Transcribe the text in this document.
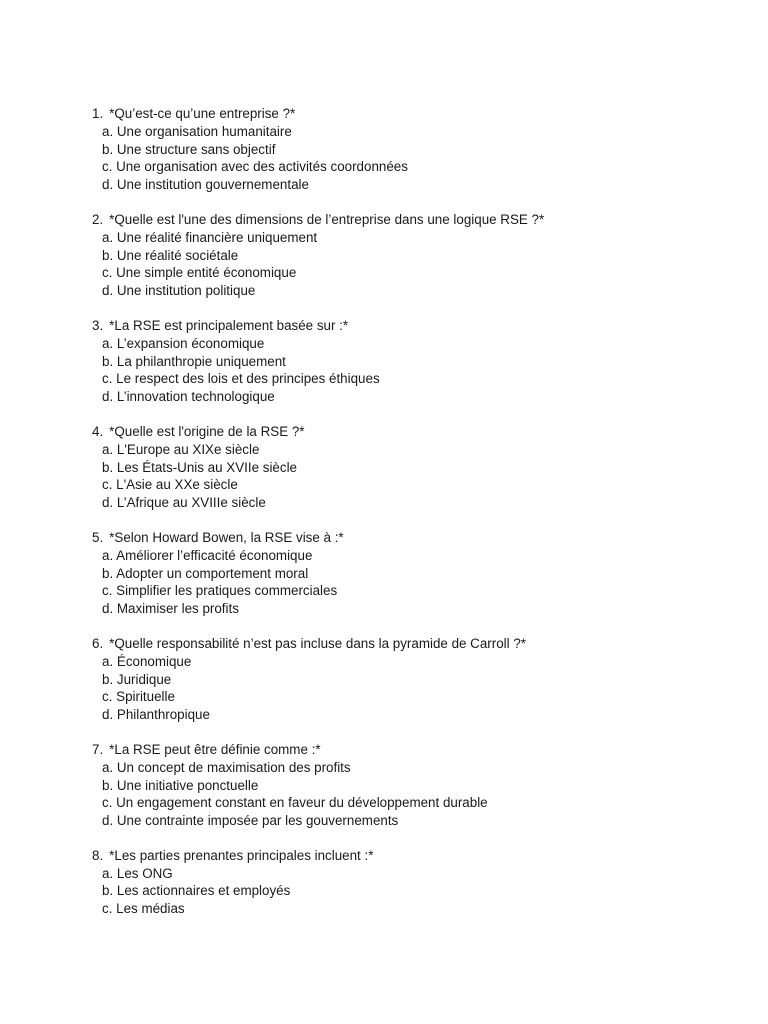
1. *Qu’est-ce qu’une entreprise ?*
a. Une organisation humanitaire
b. Une structure sans objectif
c. Une organisation avec des activités coordonnées
d. Une institution gouvernementale
2. *Quelle est l'une des dimensions de l’entreprise dans une logique RSE ?*
a. Une réalité financière uniquement
b. Une réalité sociétale
c. Une simple entité économique
d. Une institution politique
3. *La RSE est principalement basée sur :*
a. L’expansion économique
b. La philanthropie uniquement
c. Le respect des lois et des principes éthiques
d. L’innovation technologique
4. *Quelle est l'origine de la RSE ?*
a. L'Europe au XIXe siècle
b. Les États-Unis au XVIIe siècle
c. L'Asie au XXe siècle
d. L’Afrique au XVIIIe siècle
5. *Selon Howard Bowen, la RSE vise à :*
a. Améliorer l’efficacité économique
b. Adopter un comportement moral
c. Simplifier les pratiques commerciales
d. Maximiser les profits
6. *Quelle responsabilité n’est pas incluse dans la pyramide de Carroll ?*
a. Économique
b. Juridique
c. Spirituelle
d. Philanthropique
7. *La RSE peut être définie comme :*
a. Un concept de maximisation des profits
b. Une initiative ponctuelle
c. Un engagement constant en faveur du développement durable
d. Une contrainte imposée par les gouvernements
8. *Les parties prenantes principales incluent :*
a. Les ONG
b. Les actionnaires et employés
c. Les médias
